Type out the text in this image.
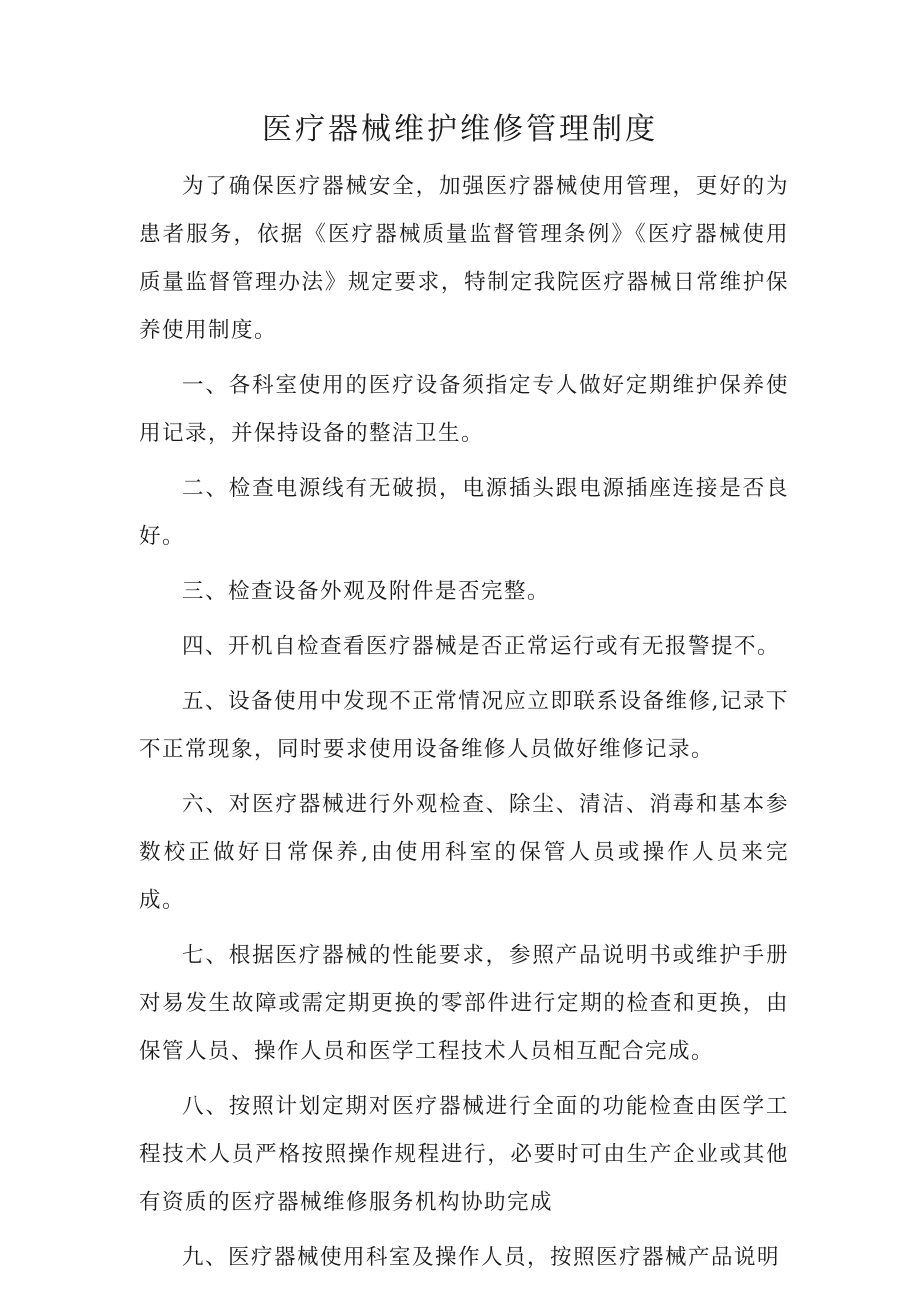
医疗器械维护维修管理制度

为了确保医疗器械安全，加强医疗器械使用管理，更好的为患者服务，依据《医疗器械质量监督管理条例》《医疗器械使用质量监督管理办法》规定要求，特制定我院医疗器械日常维护保养使用制度。

一、各科室使用的医疗设备须指定专人做好定期维护保养使用记录，并保持设备的整洁卫生。

二、检查电源线有无破损，电源插头跟电源插座连接是否良好。

三、检查设备外观及附件是否完整。

四、开机自检查看医疗器械是否正常运行或有无报警提不。

五、设备使用中发现不正常情况应立即联系设备维修,记录下不正常现象，同时要求使用设备维修人员做好维修记录。

六、对医疗器械进行外观检查、除尘、清洁、消毒和基本参数校正做好日常保养,由使用科室的保管人员或操作人员来完成。

七、根据医疗器械的性能要求，参照产品说明书或维护手册对易发生故障或需定期更换的零部件进行定期的检查和更换，由保管人员、操作人员和医学工程技术人员相互配合完成。

八、按照计划定期对医疗器械进行全面的功能检查由医学工程技术人员严格按照操作规程进行，必要时可由生产企业或其他有资质的医疗器械维修服务机构协助完成

九、医疗器械使用科室及操作人员，按照医疗器械产品说明
